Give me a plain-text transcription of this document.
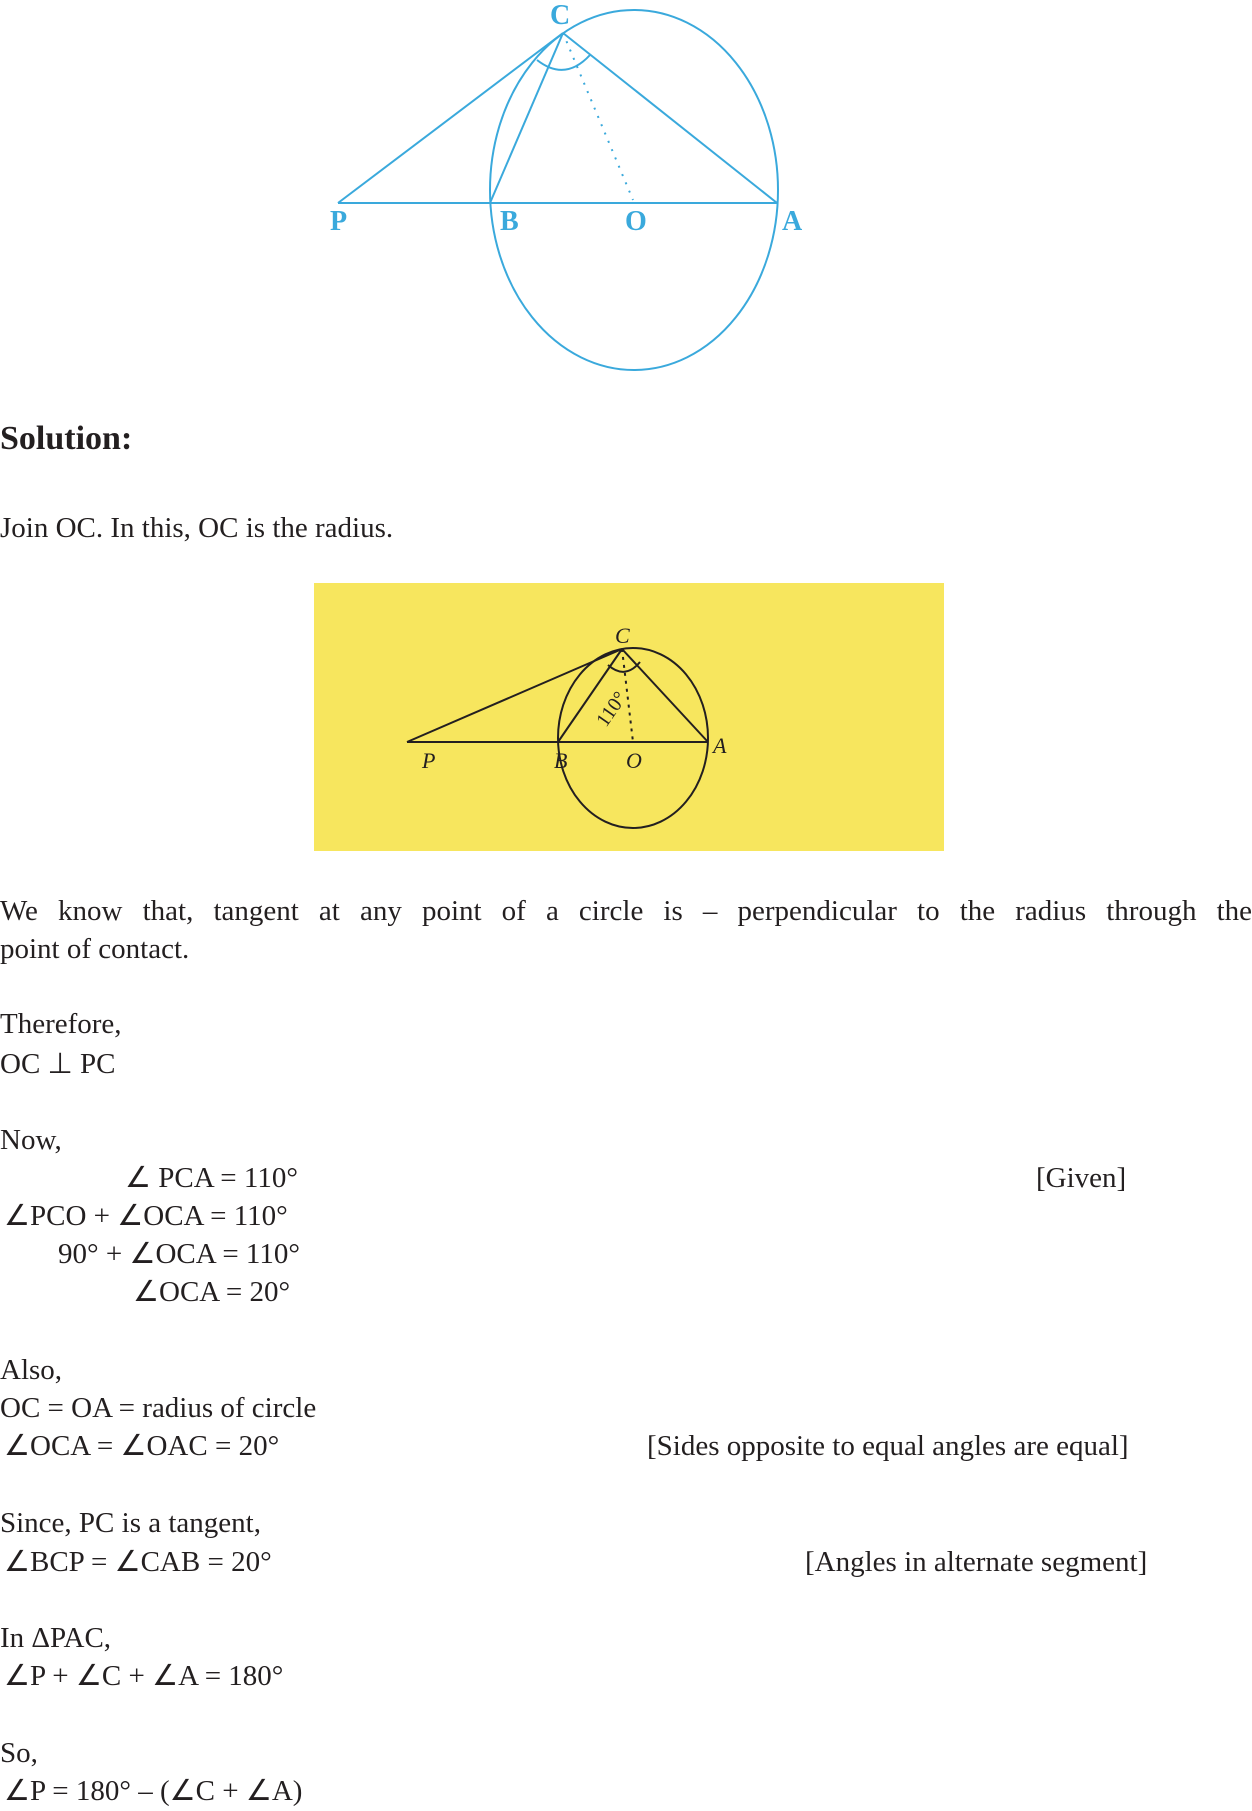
P	B	O	A
C
Solution:
Join OC. In this, OC is the radius.
P	B	O
A
C
110°
We know that, tangent at any point of a circle is – perpendicular to the radius through the
point of contact.
Therefore,
OC ⊥ PC
Now,
∠ PCA = 110°	[Given]
∠PCO + ∠OCA = 110°
90° + ∠OCA = 110°
∠OCA = 20°
Also,
OC = OA = radius of circle
∠OCA = ∠OAC = 20°	[Sides opposite to equal angles are equal]
Since, PC is a tangent,
∠BCP = ∠CAB = 20°	[Angles in alternate segment]
In ΔPAC,
∠P + ∠C + ∠A = 180°
So,
∠P = 180° – (∠C + ∠A)
